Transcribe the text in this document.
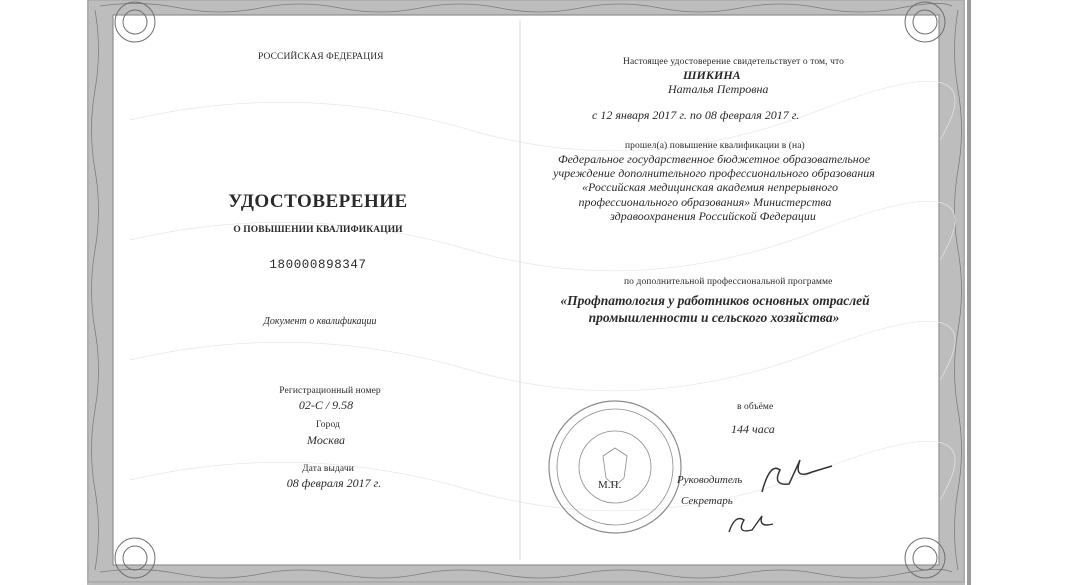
РОССИЙСКАЯ ФЕДЕРАЦИЯ
УДОСТОВЕРЕНИЕ
О ПОВЫШЕНИИ КВАЛИФИКАЦИИ
180000898347
Документ о квалификации
Регистрационный номер
02-С / 9.58
Город
Москва
Дата выдачи
08 февраля 2017 г.
Настоящее удостоверение свидетельствует о том, что
ШИКИНА
Наталья Петровна
с 12 января 2017 г. по 08 февраля 2017 г.
прошел(а) повышение квалификации в (на)
Федеральное государственное бюджетное образовательное
учреждение дополнительного профессионального образования
«Российская медицинская академия непрерывного
профессионального образования» Министерства
здравоохранения Российской Федерации
по дополнительной профессиональной программе
«Профпатология у работников основных отраслей
промышленности и сельского хозяйства»
в объёме
144 часа
М.П.	Руководитель
Секретарь
